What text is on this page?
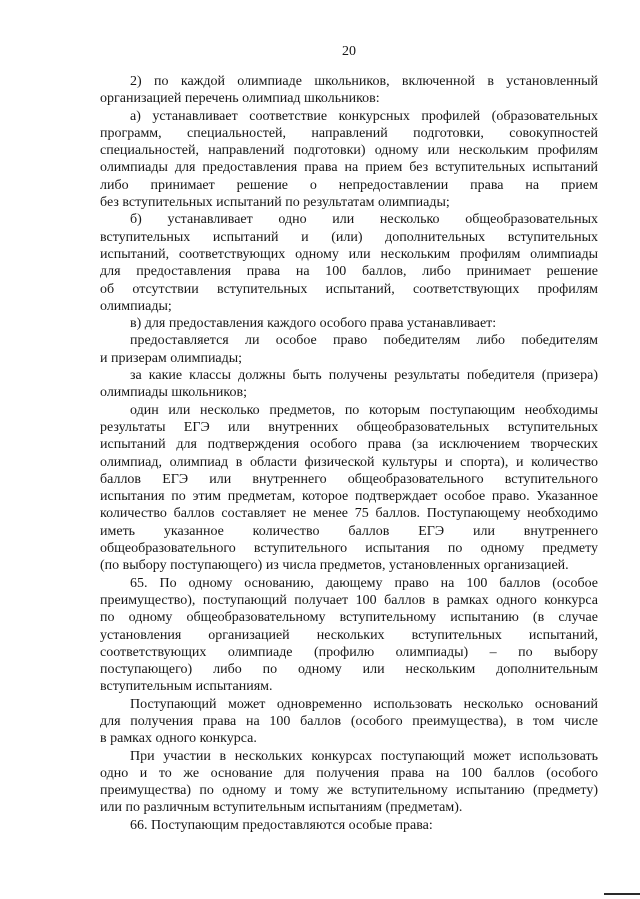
20
2) по каждой олимпиаде школьников, включенной в установленный
организацией перечень олимпиад школьников:
а) устанавливает соответствие конкурсных профилей (образовательных
программ, специальностей, направлений подготовки, совокупностей
специальностей, направлений подготовки) одному или нескольким профилям
олимпиады для предоставления права на прием без вступительных испытаний
либо принимает решение о непредоставлении права на прием
без вступительных испытаний по результатам олимпиады;
б) устанавливает одно или несколько общеобразовательных
вступительных испытаний и (или) дополнительных вступительных
испытаний, соответствующих одному или нескольким профилям олимпиады
для предоставления права на 100 баллов, либо принимает решение
об отсутствии вступительных испытаний, соответствующих профилям
олимпиады;
в) для предоставления каждого особого права устанавливает:
предоставляется ли особое право победителям либо победителям
и призерам олимпиады;
за какие классы должны быть получены результаты победителя (призера)
олимпиады школьников;
один или несколько предметов, по которым поступающим необходимы
результаты ЕГЭ или внутренних общеобразовательных вступительных
испытаний для подтверждения особого права (за исключением творческих
олимпиад, олимпиад в области физической культуры и спорта), и количество
баллов ЕГЭ или внутреннего общеобразовательного вступительного
испытания по этим предметам, которое подтверждает особое право. Указанное
количество баллов составляет не менее 75 баллов. Поступающему необходимо
иметь указанное количество баллов ЕГЭ или внутреннего
общеобразовательного вступительного испытания по одному предмету
(по выбору поступающего) из числа предметов, установленных организацией.
65. По одному основанию, дающему право на 100 баллов (особое
преимущество), поступающий получает 100 баллов в рамках одного конкурса
по одному общеобразовательному вступительному испытанию (в случае
установления организацией нескольких вступительных испытаний,
соответствующих олимпиаде (профилю олимпиады) – по выбору
поступающего) либо по одному или нескольким дополнительным
вступительным испытаниям.
Поступающий может одновременно использовать несколько оснований
для получения права на 100 баллов (особого преимущества), в том числе
в рамках одного конкурса.
При участии в нескольких конкурсах поступающий может использовать
одно и то же основание для получения права на 100 баллов (особого
преимущества) по одному и тому же вступительному испытанию (предмету)
или по различным вступительным испытаниям (предметам).
66. Поступающим предоставляются особые права:
